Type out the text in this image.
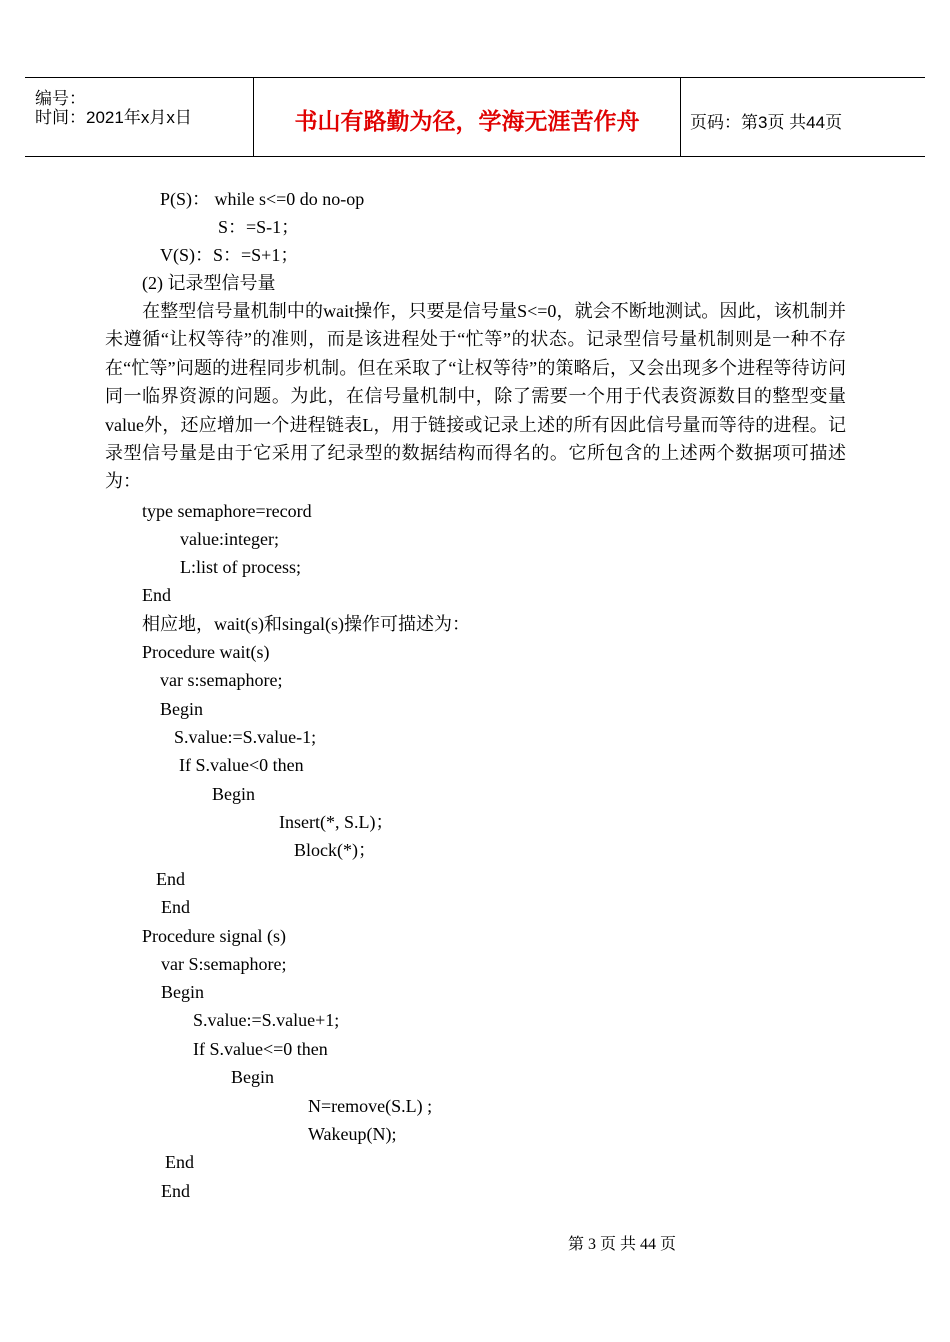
编号：
时间：2021年x月x日	书山有路勤为径，学海无涯苦作舟	页码：第3页 共44页
P(S)： while s<=0 do no-op
S：=S-1；
V(S)：S：=S+1；
(2) 记录型信号量

在整型信号量机制中的wait操作，只要是信号量S<=0，就会不断地测试。因此，该机制并未遵循“让权等待”的准则，而是该进程处于“忙等”的状态。记录型信号量机制则是一种不存在“忙等”问题的进程同步机制。但在采取了“让权等待”的策略后，又会出现多个进程等待访问同一临界资源的问题。为此，在信号量机制中，除了需要一个用于代表资源数目的整型变量value外，还应增加一个进程链表L，用于链接或记录上述的所有因此信号量而等待的进程。记录型信号量是由于它采用了纪录型的数据结构而得名的。它所包含的上述两个数据项可描述为：

type semaphore=record
value:integer;
L:list of process;
End
相应地，wait(s)和singal(s)操作可描述为：
Procedure wait(s)
var s:semaphore;
Begin
S.value:=S.value-1;
If S.value<0 then
Begin
Insert(*, S.L)；
Block(*)；
End
End
Procedure signal (s)
var S:semaphore;
Begin
S.value:=S.value+1;
If S.value<=0 then
Begin
N=remove(S.L) ;
Wakeup(N);
End
End
第 3 页 共 44 页
